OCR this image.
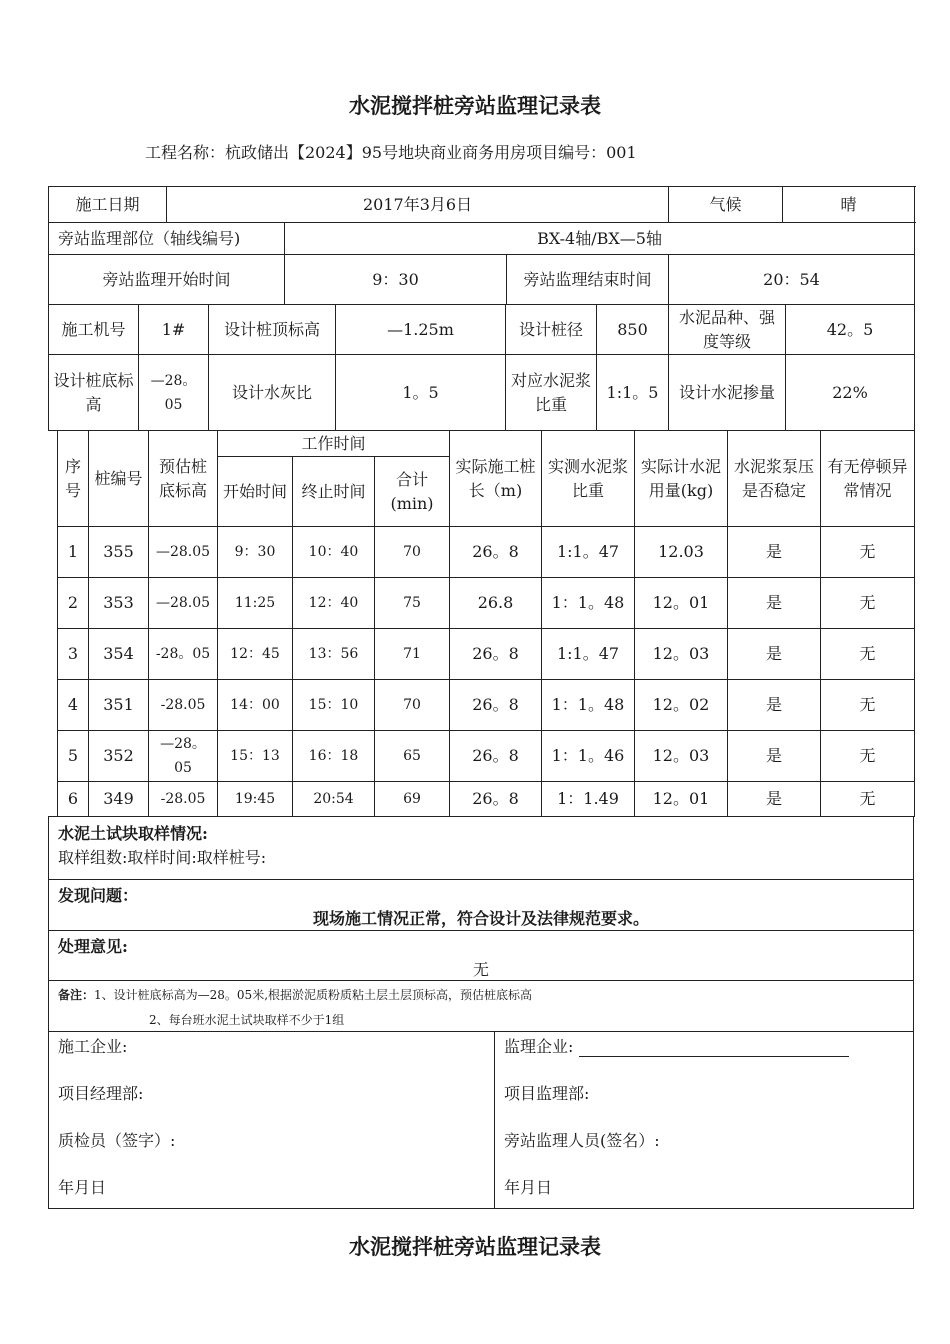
水泥搅拌桩旁站监理记录表
工程名称：杭政储出【2024】95号地块商业商务用房项目编号：001
施工日期	2017年3月6日	气候	晴
旁站监理部位（轴线编号)	BX-4轴/BX—5轴		
旁站监理开始时间	9：30	旁站监理结束时间	20：54
施工机号	1#	设计桩顶标高	—1.25m	设计桩径	850	水泥品种、强度等级	42。5
设计桩底标高	—28。05	设计水灰比	1。5	对应水泥浆比重	1:1。5	设计水泥掺量	22%
序号	桩编号	预估桩底标高	工作时间			实际施工桩长（m)	实测水泥浆比重	实际计水泥用量(kg)	水泥浆泵压是否稳定	有无停顿异常情况
			开始时间	终止时间	合计(min)					
1	355	—28.05	9：30	10：40	70	26。8	1:1。47	12.03	是	无
2	353	—28.05	11:25	12：40	75	26.8	1：1。48	12。01	是	无
3	354	-28。05	12：45	13：56	71	26。8	1:1。47	12。03	是	无
4	351	-28.05	14：00	15：10	70	26。8	1：1。48	12。02	是	无
5	352	—28。05	15：13	16：18	65	26。8	1：1。46	12。03	是	无
6	349	-28.05	19:45	20:54	69	26。8	1：1.49	12。01	是	无
水泥土试块取样情况:
取样组数:取样时间:取样桩号:
发现问题：
现场施工情况正常，符合设计及法律规范要求。
处理意见:
无
备注：1、设计桩底标高为—28。05米,根据淤泥质粉质粘土层土层顶标高，预估桩底标高
2、每台班水泥土试块取样不少于1组
施工企业:
项目经理部:
质检员（签字）:
年月日
监理企业:
项目监理部:
旁站监理人员(签名）:
年月日
水泥搅拌桩旁站监理记录表
